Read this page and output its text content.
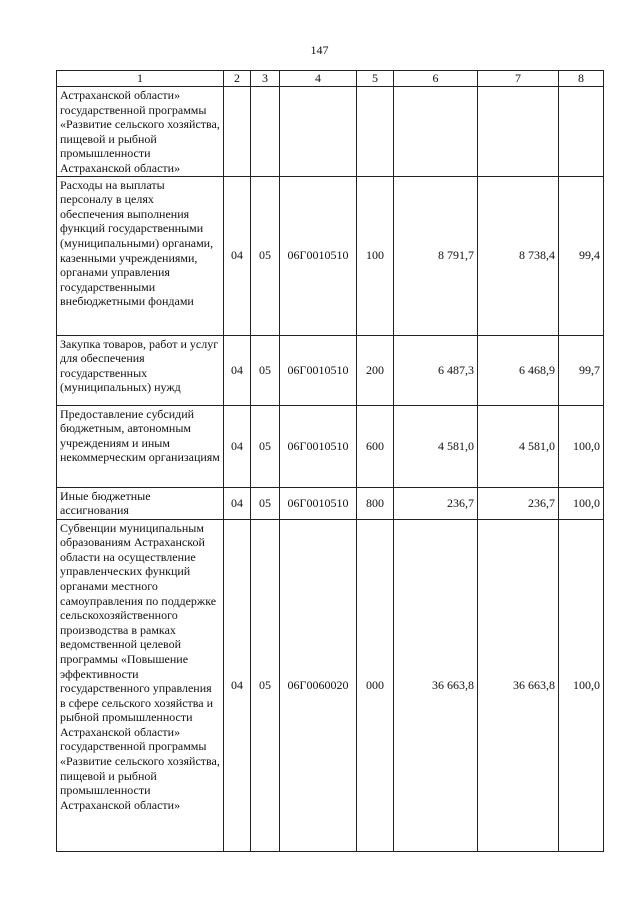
147
1	2	3	4	5	6	7	8
Астраханской области» государственной программы «Развитие сельского хозяйства, пищевой и рыбной промышленности Астраханской области»							
Расходы на выплаты персоналу в целях обеспечения выполнения функций государственными (муниципальными) органами, казенными учреждениями, органами управления государственными внебюджетными фондами	04	05	06Г0010510	100	8 791,7	8 738,4	99,4
Закупка товаров, работ и услуг для обеспечения государственных (муниципальных) нужд	04	05	06Г0010510	200	6 487,3	6 468,9	99,7
Предоставление субсидий бюджетным, автономным учреждениям и иным некоммерческим организациям	04	05	06Г0010510	600	4 581,0	4 581,0	100,0
Иные бюджетные ассигнования	04	05	06Г0010510	800	236,7	236,7	100,0
Субвенции муниципальным образованиям Астраханской области на осуществление управленческих функций органами местного самоуправления по поддержке сельскохозяйственного производства в рамках ведомственной целевой программы «Повышение эффективности государственного управления в сфере сельского хозяйства и рыбной промышленности Астраханской области» государственной программы «Развитие сельского хозяйства, пищевой и рыбной промышленности Астраханской области»	04	05	06Г0060020	000	36 663,8	36 663,8	100,0
